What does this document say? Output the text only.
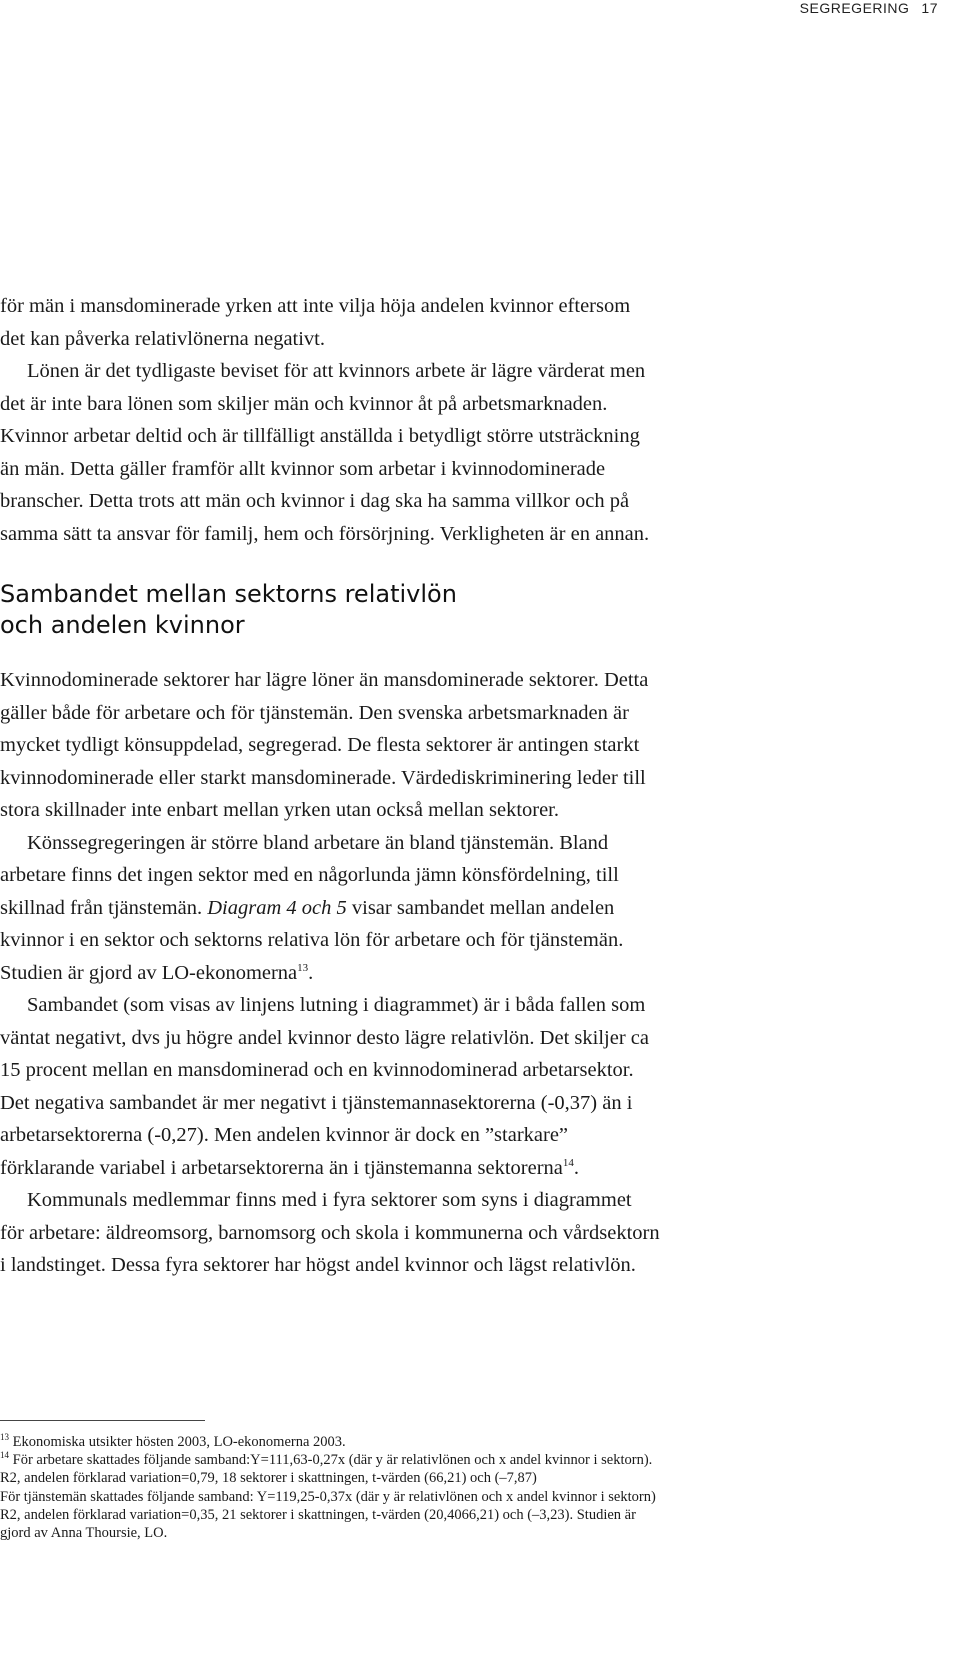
SEGREGERING 17

för män i mansdominerade yrken att inte vilja höja andelen kvinnor eftersom det kan påverka relativlönerna negativt.

Lönen är det tydligaste beviset för att kvinnors arbete är lägre värderat men det är inte bara lönen som skiljer män och kvinnor åt på arbetsmarknaden. Kvinnor arbetar deltid och är tillfälligt anställda i betydligt större utsträckning än män. Detta gäller framför allt kvinnor som arbetar i kvinnodominerade branscher. Detta trots att män och kvinnor i dag ska ha samma villkor och på samma sätt ta ansvar för familj, hem och försörjning. Verkligheten är en annan.

Sambandet mellan sektorns relativlön
och andelen kvinnor

Kvinnodominerade sektorer har lägre löner än mansdominerade sektorer. Detta gäller både för arbetare och för tjänstemän. Den svenska arbetsmarknaden är mycket tydligt könsuppdelad, segregerad. De flesta sektorer är antingen starkt kvinnodominerade eller starkt mansdominerade. Värdediskriminering leder till stora skillnader inte enbart mellan yrken utan också mellan sektorer.

Könssegregeringen är större bland arbetare än bland tjänstemän. Bland arbetare finns det ingen sektor med en någorlunda jämn könsfördelning, till skillnad från tjänstemän. Diagram 4 och 5 visar sambandet mellan andelen kvinnor i en sektor och sektorns relativa lön för arbetare och för tjänstemän. Studien är gjord av LO-ekonomerna$^{13}$.

Sambandet (som visas av linjens lutning i diagrammet) är i båda fallen som väntat negativt, dvs ju högre andel kvinnor desto lägre relativlön. Det skiljer ca 15 procent mellan en mansdominerad och en kvinnodominerad arbetarsektor. Det negativa sambandet är mer negativt i tjänstemannasektorerna (-0,37) än i arbetarsektorerna (-0,27). Men andelen kvinnor är dock en ”starkare” förklarande variabel i arbetarsektorerna än i tjänstemanna sektorerna$^{14}$.

Kommunals medlemmar finns med i fyra sektorer som syns i diagrammet för arbetare: äldreomsorg, barnomsorg och skola i kommunerna och vårdsektorn i landstinget. Dessa fyra sektorer har högst andel kvinnor och lägst relativlön.

$^{13}$ Ekonomiska utsikter hösten 2003, LO-ekonomerna 2003.

$^{14}$ För arbetare skattades följande samband:Y=111,63-0,27x (där y är relativlönen och x andel kvinnor i sektorn). R2, andelen förklarad variation=0,79, 18 sektorer i skattningen, t-värden (66,21) och (–7,87)

För tjänstemän skattades följande samband: Y=119,25-0,37x (där y är relativlönen och x andel kvinnor i sektorn) R2, andelen förklarad variation=0,35, 21 sektorer i skattningen, t-värden (20,4066,21) och (–3,23). Studien är gjord av Anna Thoursie, LO.
